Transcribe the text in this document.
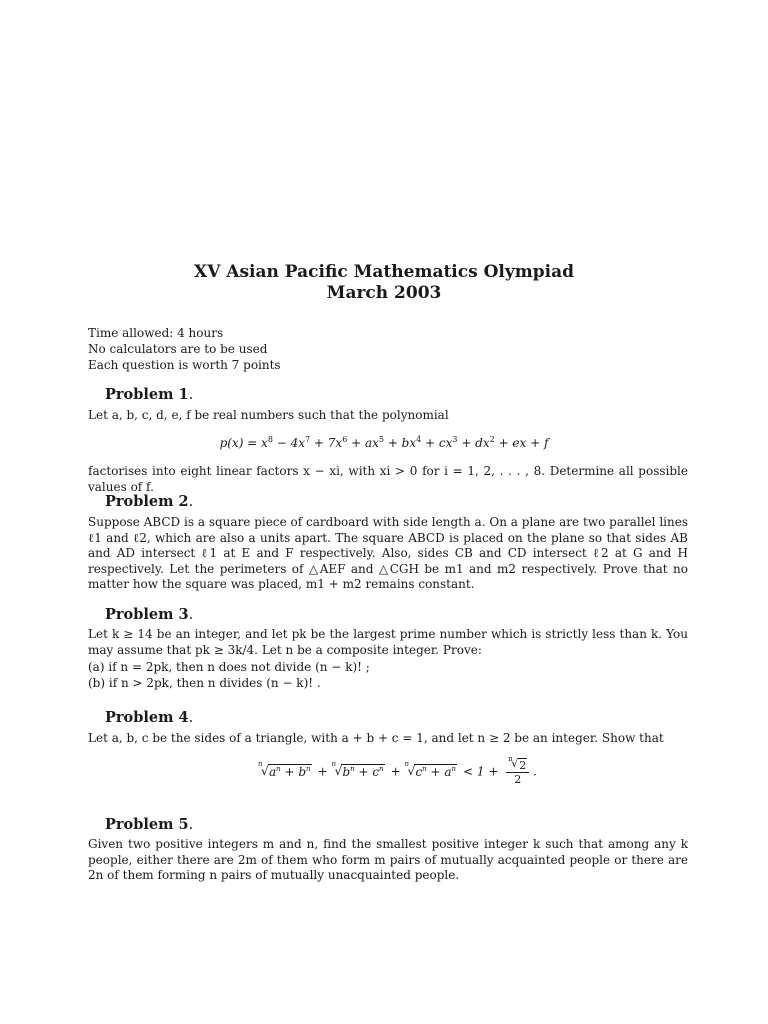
XV Asian Pacific Mathematics Olympiad
March 2003
Time allowed: 4 hours
No calculators are to be used
Each question is worth 7 points
Problem 1.
Let a, b, c, d, e, f be real numbers such that the polynomial
$p(x) = x^8 - 4x^7 + 7x^6 + ax^5 + bx^4 + cx^3 + dx^2$ + ex + f
factorises into eight linear factors x − xi, with xi > 0 for i = 1, 2, . . . , 8. Determine all possible values of f.
Problem 2.
Suppose ABCD is a square piece of cardboard with side length a. On a plane are two parallel lines ℓ1 and ℓ2, which are also a units apart. The square ABCD is placed on the plane so that sides AB and AD intersect ℓ1 at E and F respectively. Also, sides CB and CD intersect ℓ2 at G and H respectively. Let the perimeters of △AEF and △CGH be m1 and m2 respectively. Prove that no matter how the square was placed, m1 + m2 remains constant.
Problem 3.
Let k ≥ 14 be an integer, and let pk be the largest prime number which is strictly less than k. You may assume that pk ≥ 3k/4. Let n be a composite integer. Prove:
(a) if n = 2pk, then n does not divide (n − k)! ;
(b) if n > 2pk, then n divides (n − k)! .
Problem 4.
Let a, b, c be the sides of a triangle, with a + b + c = 1, and let n ≥ 2 be an integer. Show that
n
√ $a^n + b^n$ +
n
√ $b^n + c^n$ +
n
√ $c^n + a^n < 1 + n$
√ 2
2 .
Problem 5.
Given two positive integers m and n, find the smallest positive integer k such that among any k people, either there are 2m of them who form m pairs of mutually acquainted people or there are 2n of them forming n pairs of mutually unacquainted people.
